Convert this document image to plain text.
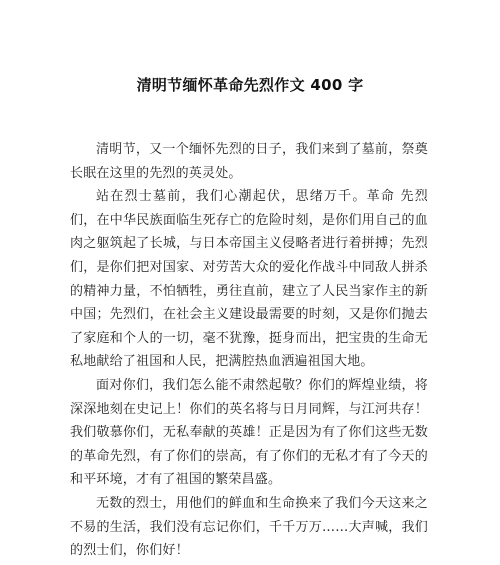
清明节缅怀革命先烈作文 400 字

清明节，又一个缅怀先烈的日子，我们来到了墓前，祭奠长眠在这里的先烈的英灵处。

站在烈士墓前，我们心潮起伏，思绪万千。革命 先烈们，在中华民族面临生死存亡的危险时刻，是你们用自己的血肉之躯筑起了长城，与日本帝国主义侵略者进行着拼搏；先烈们，是你们把对国家、对劳苦大众的爱化作战斗中同敌人拼杀的精神力量，不怕牺牲，勇往直前，建立了人民当家作主的新中国；先烈们，在社会主义建设最需要的时刻，又是你们抛去了家庭和个人的一切，毫不犹豫，挺身而出，把宝贵的生命无私地献给了祖国和人民，把满腔热血洒遍祖国大地。

面对你们，我们怎么能不肃然起敬？你们的辉煌业绩，将深深地刻在史记上！你们的英名将与日月同辉，与江河共存！我们敬慕你们，无私奉献的英雄！正是因为有了你们这些无数的革命先烈，有了你们的崇高，有了你们的无私才有了今天的和平环境，才有了祖国的繁荣昌盛。

无数的烈士，用他们的鲜血和生命换来了我们今天这来之不易的生活，我们没有忘记你们，千千万万……大声喊，我们的烈士们，你们好！
